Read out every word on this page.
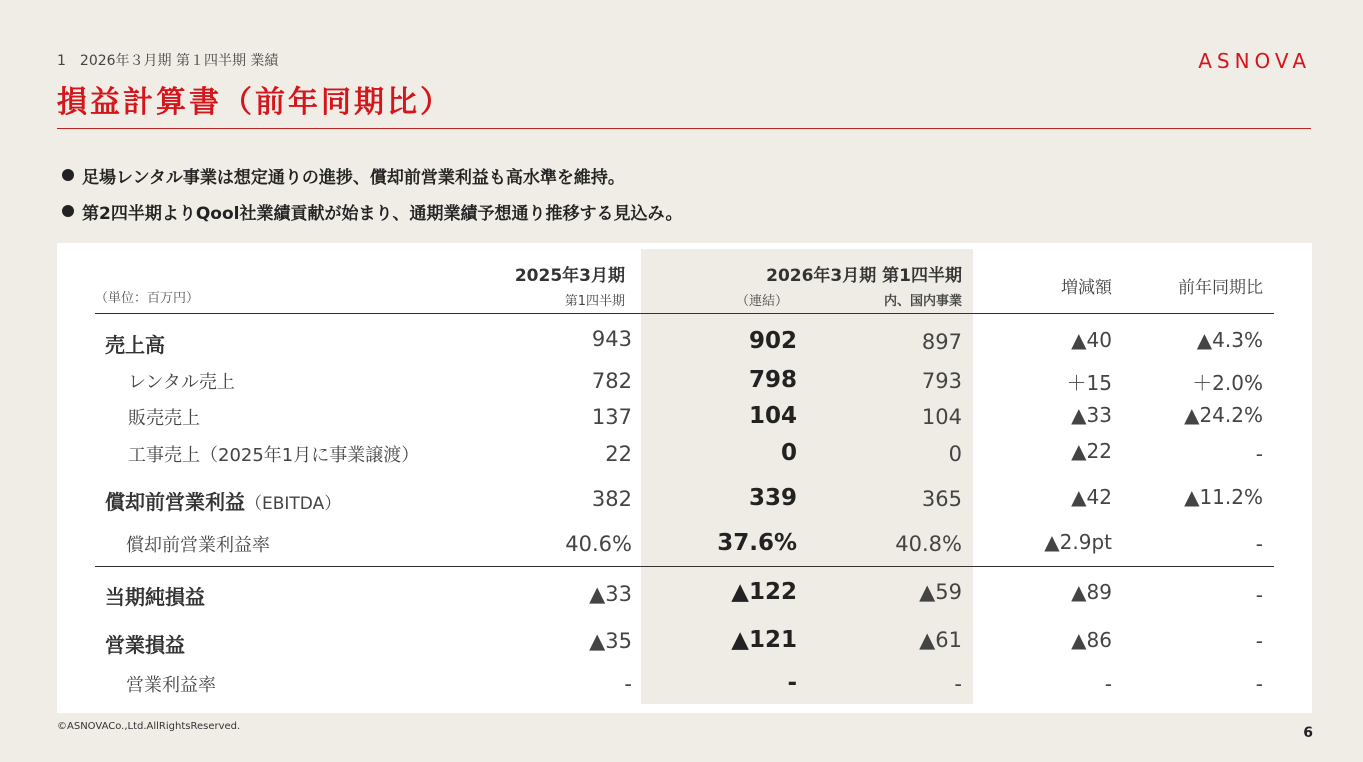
1　2026年３月期 第１四半期 業績	ASNOVA
損益計算書（前年同期比）
足場レンタル事業は想定通りの進捗、償却前営業利益も高水準を維持。
第2四半期よりQool社業績貢献が始まり、通期業績予想通り推移する見込み。
（単位：百万円）
2025年3月期
第1四半期
2026年3月期 第1四半期
（連結）	内、国内事業
増減額	前年同期比
売上高	943	902	897	▲40	▲4.3%
レンタル売上	782	798	793	＋15	＋2.0%
販売売上	137	104	104	▲33	▲24.2%
工事売上（2025年1月に事業譲渡）	22	0	0	▲22	-
償却前営業利益（EBITDA）	382	339	365	▲42	▲11.2%
償却前営業利益率	40.6%	37.6%	40.8%	▲2.9pt	-
当期純損益	▲33	▲122	▲59	▲89	-
営業損益	▲35	▲121	▲61	▲86	-
営業利益率	-	-	-	-	-
©ASNOVACo.,Ltd.AllRightsReserved.	6
